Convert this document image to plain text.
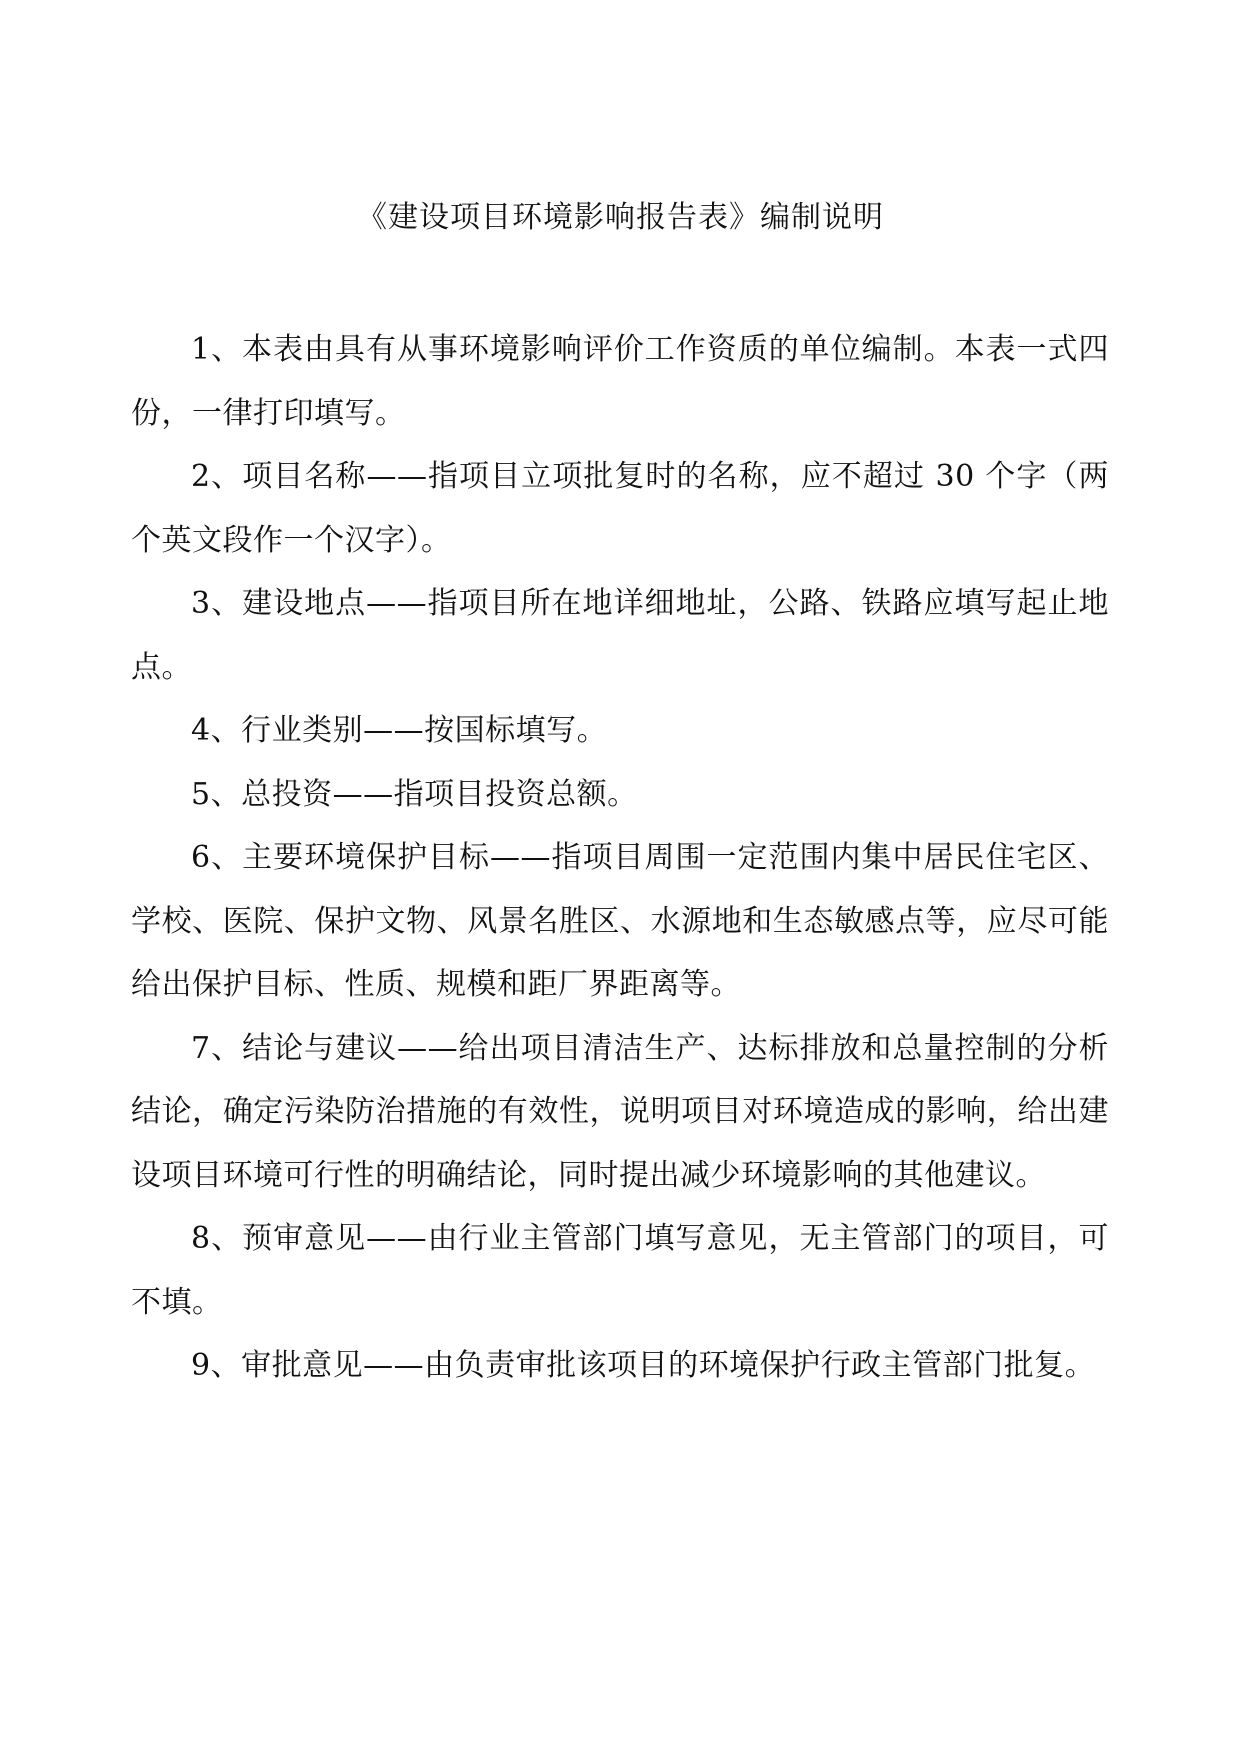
《建设项目环境影响报告表》编制说明

1、本表由具有从事环境影响评价工作资质的单位编制。本表一式四份，一律打印填写。

2、项目名称——指项目立项批复时的名称，应不超过 30 个字（两个英文段作一个汉字）。

3、建设地点——指项目所在地详细地址，公路、铁路应填写起止地点。

4、行业类别——按国标填写。

5、总投资——指项目投资总额。

6、主要环境保护目标——指项目周围一定范围内集中居民住宅区、学校、医院、保护文物、风景名胜区、水源地和生态敏感点等，应尽可能给出保护目标、性质、规模和距厂界距离等。

7、结论与建议——给出项目清洁生产、达标排放和总量控制的分析结论，确定污染防治措施的有效性，说明项目对环境造成的影响，给出建设项目环境可行性的明确结论，同时提出减少环境影响的其他建议。

8、预审意见——由行业主管部门填写意见，无主管部门的项目，可不填。

9、审批意见——由负责审批该项目的环境保护行政主管部门批复。
